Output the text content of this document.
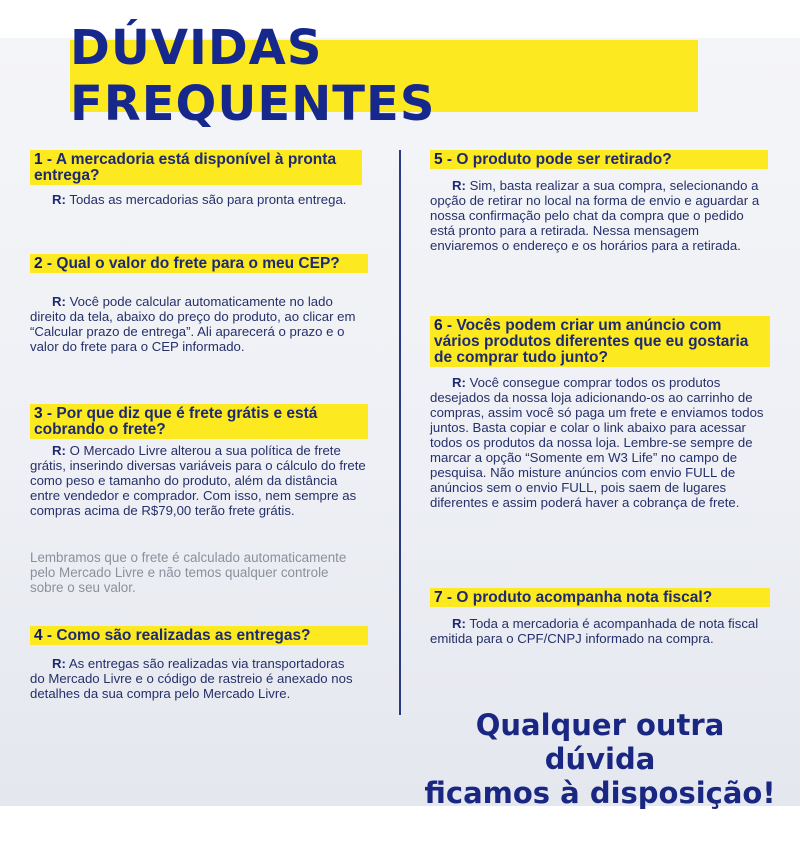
DÚVIDAS FREQUENTES
1 - A mercadoria está disponível à pronta entrega?
R: Todas as mercadorias são para pronta entrega.
2 - Qual o valor do frete para o meu CEP?
R: Você pode calcular automaticamente no lado direito da tela, abaixo do preço do produto, ao clicar em “Calcular prazo de entrega”. Ali aparecerá o prazo e o valor do frete para o CEP informado.
3 - Por que diz que é frete grátis e está cobrando o frete?
R: O Mercado Livre alterou a sua política de frete grátis, inserindo diversas variáveis para o cálculo do frete como peso e tamanho do produto, além da distância entre vendedor e comprador. Com isso, nem sempre as compras acima de R$79,00 terão frete grátis.
Lembramos que o frete é calculado automaticamente pelo Mercado Livre e não temos qualquer controle sobre o seu valor.
4 - Como são realizadas as entregas?
R: As entregas são realizadas via transportadoras do Mercado Livre e o código de rastreio é anexado nos detalhes da sua compra pelo Mercado Livre.
5 - O produto pode ser retirado?
R: Sim, basta realizar a sua compra, selecionando a opção de retirar no local na forma de envio e aguardar a nossa confirmação pelo chat da compra que o pedido está pronto para a retirada. Nessa mensagem enviaremos o endereço e os horários para a retirada.
6 - Vocês podem criar um anúncio com vários produtos diferentes que eu gostaria de comprar tudo junto?
R: Você consegue comprar todos os produtos desejados da nossa loja adicionando-os ao carrinho de compras, assim você só paga um frete e enviamos todos juntos. Basta copiar e colar o link abaixo para acessar todos os produtos da nossa loja. Lembre-se sempre de marcar a opção “Somente em W3 Life” no campo de pesquisa. Não misture anúncios com envio FULL de anúncios sem o envio FULL, pois saem de lugares diferentes e assim poderá haver a cobrança de frete.
7 - O produto acompanha nota fiscal?
R: Toda a mercadoria é acompanhada de nota fiscal emitida para o CPF/CNPJ informado na compra.
Qualquer outra dúvida
ficamos à disposição!
